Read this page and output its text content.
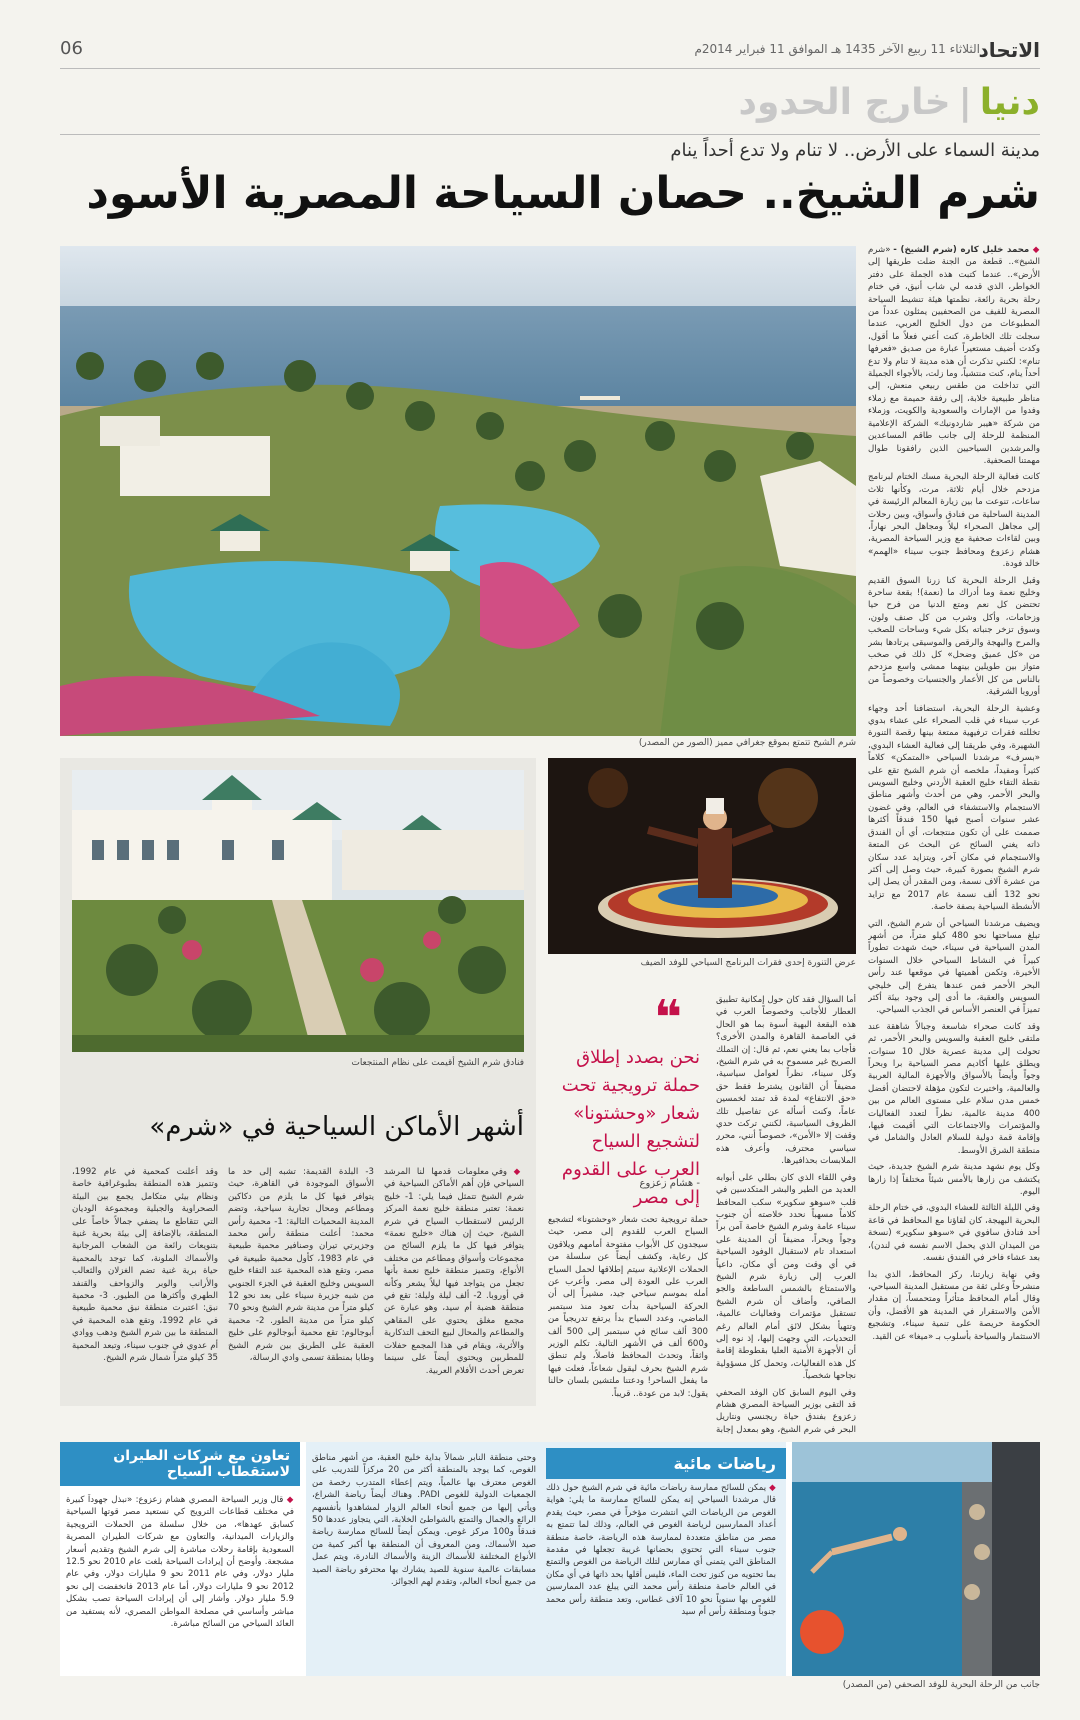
06	الثلاثاء 11 ربيع الآخر 1435 هـ الموافق 11 فبراير 2014م
الاتحاد
دنيا|خارج الحدود
مدينة السماء على الأرض.. لا تنام ولا تدع أحداً ينام
شرم الشيخ.. حصان السياحة المصرية الأسود

◆ محمد خليل كاره (شرم الشيخ) - «شرم الشيخ».. قطعة من الجنة ضلت طريقها إلى الأرض».. عندما كتبت هذه الجملة على دفتر الخواطر، الذي قدمه لي شاب أنيق، في ختام رحلة بحرية رائعة، نظمتها هيئة تنشيط السياحة المصرية للفيف من الصحفيين يمثلون عدداً من المطبوعات من دول الخليج العربي، عندما سجلت تلك الخاطرة، كنت أعني فعلاً ما أقول، وكدت أضيف مستعيراً عبارة من صديق «فعرفها تنام»: لكنني تذكرت أن هذه مدينة لا تنام ولا تدع أحداً ينام، كنت منتشياً، وما زلت، بالأجواء الجميلة التي تداخلت من طقس ربيعي منعش، إلى مناظر طبيعية خلابة، إلى رفقة حميمة مع زملاء وفدوا من الإمارات والسعودية والكويت، وزملاء من شركة «هيبر شاردونيك» الشركة الإعلامية المنظمة للرحلة إلى جانب طاقم المساعدين والمرشدين السياحيين الذين رافقونا طوال مهمتنا الصحفية.

كانت فعالية الرحلة البحرية مسك الختام لبرنامج مزدحم خلال أيام ثلاثة، مرت، وكأنها ثلاث ساعات، تنوعت ما بين زيارة المعالم الرئيسة في المدينة الساحلية من فنادق وأسواق، وبين رحلات إلى مجاهل الصحراء ليلاً ومجاهل البحر نهاراً، وبين لقاءات صحفية مع وزير السياحة المصرية، هشام زعزوع ومحافظ جنوب سيناء «الهمم» خالد فودة.

وقبل الرحلة البحرية كنا زرنا السوق القديم وخليج نعمة وما أدراك ما (نعمة)! بقعة ساحرة تحتضن كل نعم ومتع الدنيا من فرح حيا وزحامات، وأكل وشرب من كل صنف ولون، وسوق تزخر جنباته بكل شيء وساحات للصخب والمرح والبهجة والرقص والموسيقى يرتادها بشر من «كل عميق وضحل» كل ذلك في صخب متواز بين طويلين بينهما ممشى واسع مزدحم بالناس من كل الأعمار والجنسيات وخصوصاً من أوروبا الشرقية.

وعشية الرحلة البحرية، استضافنا أحد وجهاء عرب سيناء في قلب الصحراء على عشاء بدوي تخللته فقرات ترفيهية ممتعة بينها رقصة التنورة الشهيرة، وفي طريقنا إلى فعالية العشاء البدوي، «بسرف» مرشدنا السياحي «المتمكن» كلاماً كثيراً ومفيداً، ملخصه أن شرم الشيخ تقع على نقطة التقاء خليج العقبة الأردني وخليج السويس والبحر الأحمر، وهي من أحدث وأشهر مناطق الاستجمام والاستشفاء في العالم، وفي غضون عشر سنوات أصبح فيها 150 فندقاً أكثرها صممت على أن تكون منتجعات، أي أن الفندق ذاته يغني السائح عن البحث عن المتعة والاستجمام في مكان آخر، ويتزايد عدد سكان شرم الشيخ بصورة كبيرة، حيث وصل إلى أكثر من عشرة آلاف نسمة، ومن المقدر أن يصل إلى نحو 132 ألف نسمة عام 2017 مع تزايد الأنشطة السياحية بصفة خاصة.

ويضيف مرشدنا السياحي أن شرم الشيخ، التي تبلغ مساحتها نحو 480 كيلو متراً، من أشهر المدن السياحية في سيناء، حيث شهدت تطوراً كبيراً في النشاط السياحي خلال السنوات الأخيرة، وتكمن أهميتها في موقعها عند رأس البحر الأحمر فمن عندها يتفرع إلى خليجي السويس والعقبة، ما أدى إلى وجود بيئة أكثر تميزاً في العنصر الأساس في الجذب السياحي.

وقد كانت صحراء شاسعة وجبالاً شاهقة عند ملتقى خليج العقبة والسويس والبحر الأحمر، ثم تحولت إلى مدينة عصرية خلال 10 سنوات، ويطلق عليها أكاديم مصر السياحية برا وبحراً وجواً وأيضاً بالأسواق والأجهزة المالية العربية والعالمية، واختيرت لتكون مؤهلة لاحتضان أفضل خمس مدن سلام على مستوى العالم من بين 400 مدينة عالمية، نظراً لتعدد الفعاليات والمؤتمرات والاجتماعات التي أقيمت فيها، وإقامة قمة دولية للسلام العادل والشامل في منطقة الشرق الأوسط.

وكل يوم نشهد مدينة شرم الشيخ جديدة، حيث يكتشف من زارها بالأمس شيئاً مختلفاً إذا زارها اليوم.

وفي الليلة الثالثة للعشاء البدوي، في ختام الرحلة البحرية البهيجة، كان لقاؤنا مع المحافظ في قاعة أحد فنادق سافوي في «سوهو سكوير» (نسخة من الميدان الذي يحمل الاسم نفسه في لندن)، بعد عشاء فاخر في الفندق نفسه.

وفي نهاية زيارتنا، ركز المحافظ، الذي بدا منشرحاً وعلى ثقة من مستقبل المدينة السياحي، وقال أمام المحافظ متأثراً ومتحمساً، إن مقدار الأمن والاستقرار في المدينة هو الأفضل، وأن الحكومة حريصة على تنمية سيناء، وتشجيع الاستثمار والسياحة بأسلوب بـ «ميغا» عن القيد.

شرم الشيخ تتمتع بموقع جغرافي مميز (الصور من المصدر)
عرض التنورة إحدى فقرات البرنامج السياحي للوفد الضيف
فنادق شرم الشيخ أقيمت على نظام المنتجعات
❝
نحن بصدد إطلاق حملة ترويجية تحت شعار «وحشتونا» لتشجيع السياح العرب على القدوم إلى مصر
- هشام زعزوع

أما السؤال فقد كان حول إمكانية تطبيق العطار للأجانب وخصوصاً العرب في هذه البقعة البهية أسوة بما هو الحال في العاصمة القاهرة والمدن الأخرى؟ فأجاب بما يعني نعم، ثم قال: إن التملك الصريح غير مسموح به في شرم الشيخ، وكل سيناء، نظراً لعوامل سياسية، مضيفاً أن القانون يشترط فقط حق «حق الانتفاع» لمدة قد تمتد لخمسين عاماً، وكنت أسأله عن تفاصيل تلك الظروف السياسية، لكنني تركت حدي وقفت إلا «الأمن»، خصوصاً أنني، محرر سياسي محترف، وأعرف هذه الملابسات بحذافيرها.

وفي اللقاء الذي كان بطلي على أبوابه العديد من الطير والبشر المتكدسين في قلب «سوهو سكوير» سكب المحافظ كلاماً مسهباً نحدد خلاصته أن جنوب سيناء عامة وشرم الشيخ خاصة آمن براً وجواً وبحراً، مضيفاً أن المدينة على استعداد تام لاستقبال الوفود السياحية في أي وقت ومن أي مكان، داعياً العرب إلى زيارة شرم الشيخ والاستمتاع بالشمس الساطعة والجو الصافي، وأضاف أن شرم الشيخ تستقبل مؤتمرات وفعاليات عالمية، وتتهيأ بشكل لائق أمام العالم رغم التحديات، التي وجهت إليها، إذ نوه إلى أن الأجهزة الأمنية العليا بقطوطة إقامة كل هذه الفعاليات، وتحمل كل مسؤولية نجاحها شخصياً.

وفي اليوم السابق كان الوفد الصحفي قد التقى بوزير السياحة المصري هشام زعزوع بفندق حياة ريجنسي ونتاريل البحر في شرم الشيخ، وهو بمعدل إجابة

أشهر الأماكن السياحية في «شرم»
◆ وفي معلومات قدمها لنا المرشد السياحي فإن أهم الأماكن السياحية في شرم الشيخ تتمثل فيما يلي: 1- خليج نعمة: تعتبر منطقة خليج نعمة المركز الرئيس لاستقطاب السياح في شرم الشيخ، حيث إن هناك «خليج نعمة» يتوافر فيها كل ما يلزم السائح من مجموعات وأسواق ومطاعم من مختلف الأنواع، وتتميز منطقة خليج نعمة بأنها تجعل من يتواجد فيها ليلاً يشعر وكأنه في أوروبا. 2- ألف ليلة وليلة: تقع في منطقة هضبة أم سيد، وهو عبارة عن مجمع مغلق يحتوي على المقاهي والمطاعم والمحال لبيع التحف التذكارية والأثرية، ويقام في هذا المجمع حفلات للمطربين ويحتوي أيضاً على سينما تعرض أحدث الأفلام العربية.
3- البلدة القديمة: تشبه إلى حد ما الأسواق الموجودة في القاهرة، حيث يتوافر فيها كل ما يلزم من دكاكين ومطاعم ومحال تجارية سياحية، وتضم المدينة المحميات التالية: 1- محمية رأس محمد: أعلنت منطقة رأس محمد وجزيرتي تيران وصنافير محمية طبيعية في عام 1983، كأول محمية طبيعية في مصر، وتقع هذه المحمية عند التقاء خليج السويس وخليج العقبة في الجزء الجنوبي من شبه جزيرة سيناء على بعد نحو 12 كيلو متراً من مدينة شرم الشيخ ونحو 70 كيلو متراً من مدينة الطور. 2- محمية أبوجالوم: تقع محمية أبوجالوم على خليج العقبة على الطريق بين شرم الشيخ وطابا بمنطقة تسمى وادي الرسالة،
وقد أعلنت كمحمية في عام 1992، وتتميز هذه المنطقة بطبوغرافية خاصة ونظام بيئي متكامل يجمع بين البيئة الصحراوية والجبلية ومجموعة الوديان التي تتقاطع ما يضفي جمالاً خاصاً على المنطقة، بالإضافة إلى بيئة بحرية غنية بتنويعات رائعة من الشعاب المرجانية والأسماك الملونة، كما توجد بالمحمية حياة برية غنية تضم الغزلان والثعالب والأرانب والوبر والزواحف والقنفد الطهري وأكثرها من الطيور. 3- محمية نبق: اعتبرت منطقة نبق محمية طبيعية في عام 1992، وتقع هذه المحمية في المنطقة ما بين شرم الشيخ ودهب ووادي أم عدوي في جنوب سيناء، وتبعد المحمية 35 كيلو متراً شمال شرم الشيخ.
حملة ترويجية تحت شعار «وحشتونا» لتشجيع السياح العرب للقدوم إلى مصر، حيث سيجدون كل الأبواب مفتوحة أمامهم ويلاقون كل رعاية، وكشف أيضاً عن سلسلة من الحملات الإعلانية سيتم إطلاقها لحمل السياح العرب على العودة إلى مصر. وأعرب عن أمله بموسم سياحي جيد، مشيراً إلى أن الحركة السياحية بدأت تعود منذ سبتمبر الماضي، وعدد السياح بدأ يرتفع تدريجياً من 300 ألف سائح في سبتمبر إلى 500 ألف و600 ألف في الأشهر التالية. تكلم الوزير واثقاً، وتحدث المحافظ فاصلاً، ولم تنطق شرم الشيخ بحرف ليقول شعاعاً، فعلت فيها ما يفعل الساحر! ودعتنا ملتشين بلسان حالنا يقول: لابد من عودة.. قريباً.
جانب من الرحلة البحرية للوفد الصحفي (من المصدر)
رياضات مائية
◆ يمكن للسائح ممارسة رياضات مائية في شرم الشيخ حول ذلك قال مرشدنا السياحي إنه يمكن للسائح ممارسة ما يلي: هواية الغوص من الرياضات التي انتشرت مؤخراً في مصر، حيث يقدم أعداد الممارسين لرياضة الغوص في العالم، وذلك لما تتمتع به مصر من مناطق متعددة لممارسة هذه الرياضة، خاصة منطقة جنوب سيناء التي تحتوي بحضانها غريبة تجعلها في مقدمة المناطق التي يتمنى أي ممارس لتلك الرياضة من الغوص والتمتع بما تحتويه من كنوز تحت الماء، فليس أقلها بحد ذاتها في أي مكان في العالم خاصة منطقة رأس محمد التي يبلغ عدد الممارسين للغوص بها سنوياً نحو 10 آلاف غطاس، وتعد منطقة رأس محمد جنوباً ومنطقة رأس أم سيد
وحتى منطقة النابر شمالاً بداية خليج العقبة، من أشهر مناطق الغوص، كما يوجد بالمنطقة أكثر من 20 مركزاً للتدريب على الغوص معترف بها عالمياً، ويتم إعطاء المتدرب رخصة من الجمعيات الدولية للغوص PADI. وهناك أيضاً رياضة الشراع، ويأتي إليها من جميع أنحاء العالم الزوار لمشاهدوا بأنفسهم الرائع والجمال والتمتع بالشواطئ الخلابة، التي يتجاوز عددها 50 فندقاً و100 مركز غوص. ويمكن أيضاً للسائح ممارسة رياضة صيد الأسماك، ومن المعروف أن المنطقة بها أكبر كمية من الأنواع المختلفة للأسماك الزينة والأسماك النادرة، ويتم عمل مسابقات عالمية سنوية للصيد يشارك بها محترفو رياضة الصيد من جميع أنحاء العالم، وتقدم لهم الجوائز.
تعاون مع شركات الطيران لاستقطاب السياح
◆ قال وزير السياحة المصري هشام زعزوع: «نبذل جهوداً كبيرة في مختلف قطاعات الترويج كي نستعيد مصر قوتها السياحية كسابق عهدها»، من خلال سلسلة من الحملات الترويجية والزيارات الميدانية، والتعاون مع شركات الطيران المصرية السعودية بإقامة رحلات مباشرة إلى شرم الشيخ وتقديم أسعار مشجعة. وأوضح أن إيرادات السياحة بلغت عام 2010 نحو 12.5 مليار دولار، وفي عام 2011 نحو 9 مليارات دولار، وفي عام 2012 نحو 9 مليارات دولار، أما عام 2013 فانخفضت إلى نحو 5.9 مليار دولار. وأشار إلى أن إيرادات السياحة تصب بشكل مباشر وأساسي في مصلحة المواطن المصري، لأنه يستفيد من العائد السياحي من السائح مباشرة.
